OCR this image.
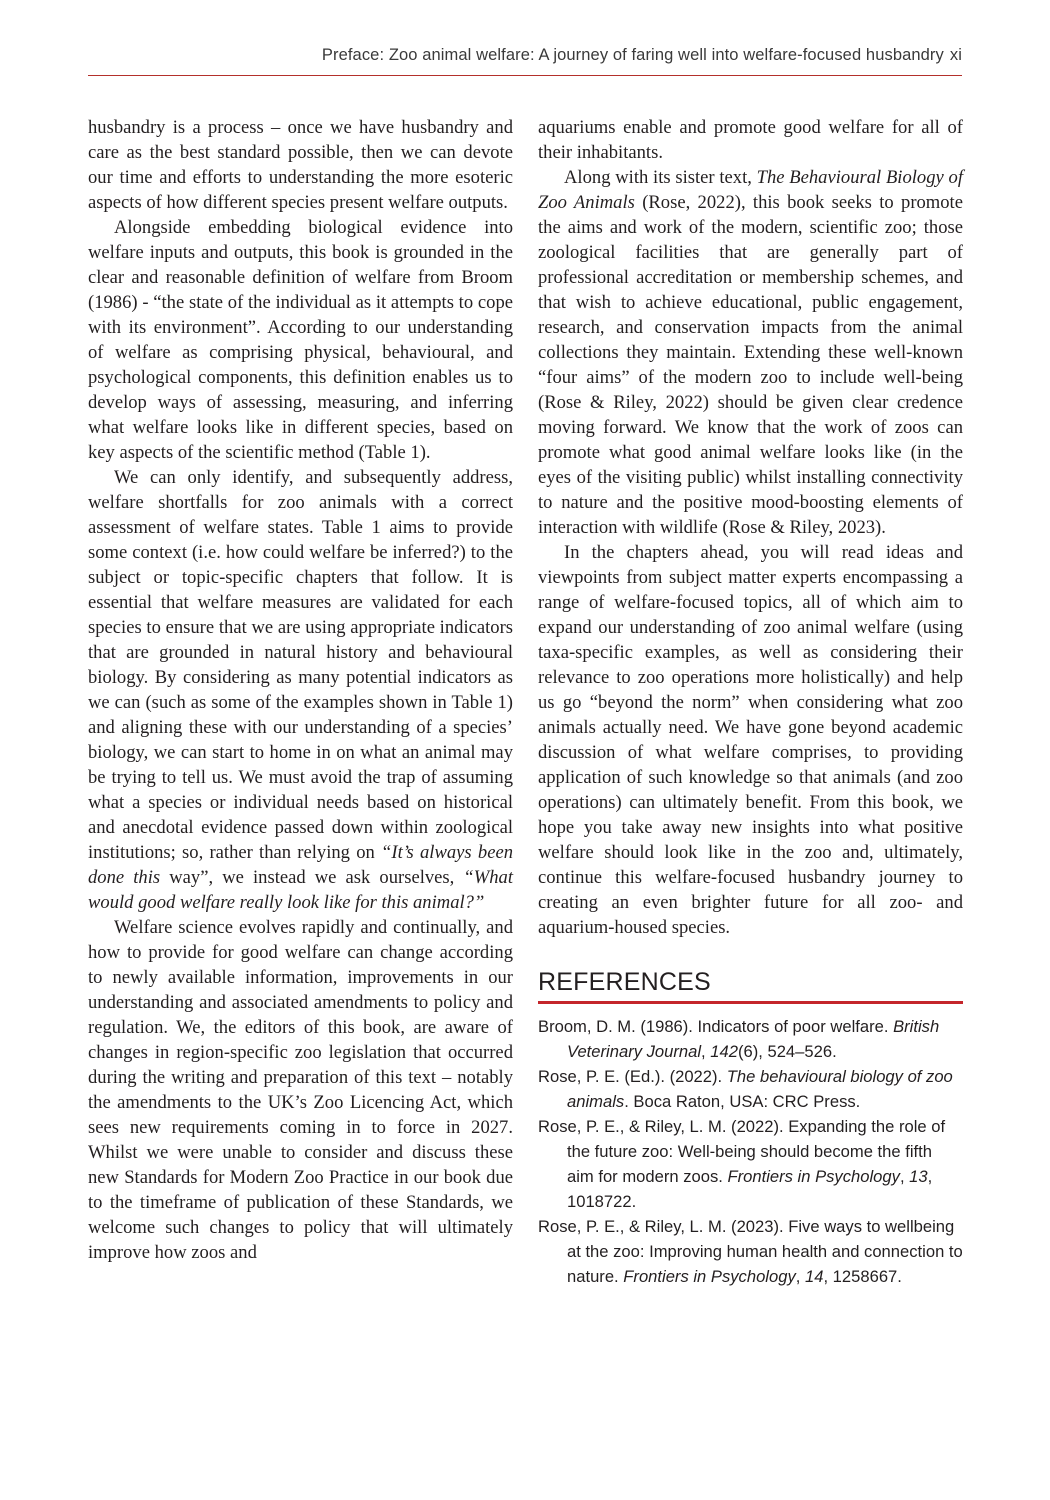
Preface: Zoo animal welfare: A journey of faring well into welfare-focused husbandry xi

husbandry is a process – once we have husbandry and care as the best standard possible, then we can devote our time and efforts to understanding the more esoteric aspects of how different species present welfare outputs.

Alongside embedding biological evidence into welfare inputs and outputs, this book is grounded in the clear and reasonable definition of welfare from Broom (1986) - “the state of the individual as it attempts to cope with its environment”. According to our understanding of welfare as comprising physical, behavioural, and psychological components, this definition enables us to develop ways of assessing, measuring, and inferring what welfare looks like in different species, based on key aspects of the scientific method (Table 1).

We can only identify, and subsequently address, welfare shortfalls for zoo animals with a correct assessment of welfare states. Table 1 aims to provide some context (i.e. how could welfare be inferred?) to the subject or topic-specific chapters that follow. It is essential that welfare measures are validated for each species to ensure that we are using appropriate indicators that are grounded in natural history and behavioural biology. By considering as many potential indicators as we can (such as some of the examples shown in Table 1) and aligning these with our understanding of a species’ biology, we can start to home in on what an animal may be trying to tell us. We must avoid the trap of assuming what a species or individual needs based on historical and anecdotal evidence passed down within zoological institutions; so, rather than relying on “It’s always been done this way”, we instead we ask ourselves, “What would good welfare really look like for this animal?”

Welfare science evolves rapidly and continually, and how to provide for good welfare can change according to newly available information, improvements in our understanding and associated amendments to policy and regulation. We, the editors of this book, are aware of changes in region-specific zoo legislation that occurred during the writing and preparation of this text – notably the amendments to the UK’s Zoo Licencing Act, which sees new requirements coming in to force in 2027. Whilst we were unable to consider and discuss these new Standards for Modern Zoo Practice in our book due to the timeframe of publication of these Standards, we welcome such changes to policy that will ultimately improve how zoos and

aquariums enable and promote good welfare for all of their inhabitants.

Along with its sister text, The Behavioural Biology of Zoo Animals (Rose, 2022), this book seeks to promote the aims and work of the modern, scientific zoo; those zoological facilities that are generally part of professional accreditation or membership schemes, and that wish to achieve educational, public engagement, research, and conservation impacts from the animal collections they maintain. Extending these well-known “four aims” of the modern zoo to include well-being (Rose & Riley, 2022) should be given clear credence moving forward. We know that the work of zoos can promote what good animal welfare looks like (in the eyes of the visiting public) whilst installing connectivity to nature and the positive mood-boosting elements of interaction with wildlife (Rose & Riley, 2023).

In the chapters ahead, you will read ideas and viewpoints from subject matter experts encompassing a range of welfare-focused topics, all of which aim to expand our understanding of zoo animal welfare (using taxa-specific examples, as well as considering their relevance to zoo operations more holistically) and help us go “beyond the norm” when considering what zoo animals actually need. We have gone beyond academic discussion of what welfare comprises, to providing application of such knowledge so that animals (and zoo operations) can ultimately benefit. From this book, we hope you take away new insights into what positive welfare should look like in the zoo and, ultimately, continue this welfare-focused husbandry journey to creating an even brighter future for all zoo- and aquarium-housed species.

REFERENCES
Broom, D. M. (1986). Indicators of poor welfare. British Veterinary Journal, 142(6), 524–526.
Rose, P. E. (Ed.). (2022). The behavioural biology of zoo animals. Boca Raton, USA: CRC Press.
Rose, P. E., & Riley, L. M. (2022). Expanding the role of the future zoo: Well-being should become the fifth aim for modern zoos. Frontiers in Psychology, 13, 1018722.
Rose, P. E., & Riley, L. M. (2023). Five ways to wellbeing at the zoo: Improving human health and connection to nature. Frontiers in Psychology, 14, 1258667.
